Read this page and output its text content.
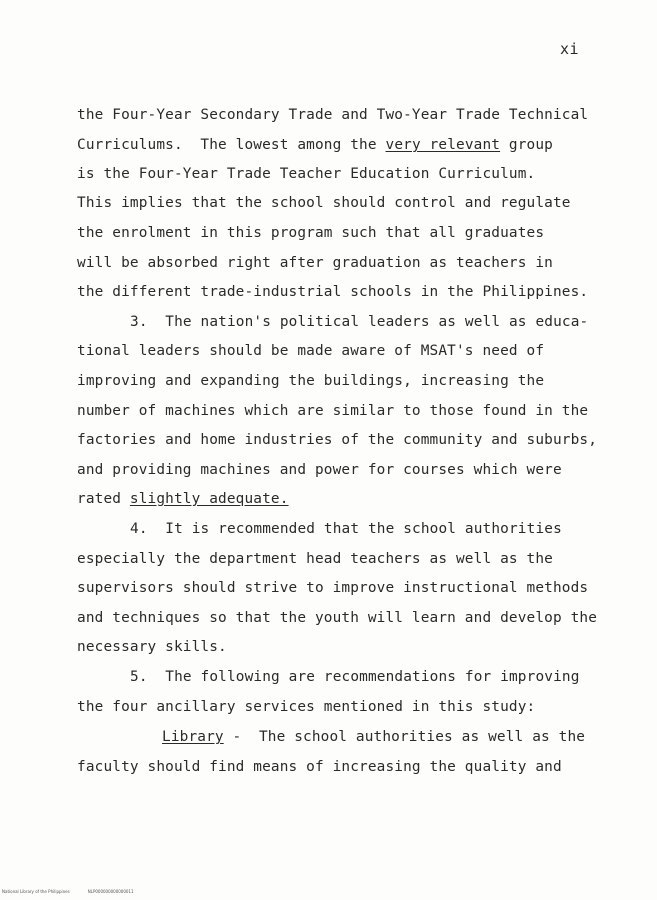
xi
the Four-Year Secondary Trade and Two-Year Trade Technical
Curriculums.  The lowest among the very relevant group
is the Four-Year Trade Teacher Education Curriculum.
This implies that the school should control and regulate
the enrolment in this program such that all graduates
will be absorbed right after graduation as teachers in
the different trade-industrial schools in the Philippines.
3.  The nation's political leaders as well as educa-
tional leaders should be made aware of MSAT's need of
improving and expanding the buildings, increasing the
number of machines which are similar to those found in the
factories and home industries of the community and suburbs,
and providing machines and power for courses which were
rated slightly adequate.
4.  It is recommended that the school authorities
especially the department head teachers as well as the
supervisors should strive to improve instructional methods
and techniques so that the youth will learn and develop the
necessary skills.
5.  The following are recommendations for improving
the four ancillary services mentioned in this study:
Library -  The school authorities as well as the
faculty should find means of increasing the quality and
National Library of the Philippines	NLP000000000000011
